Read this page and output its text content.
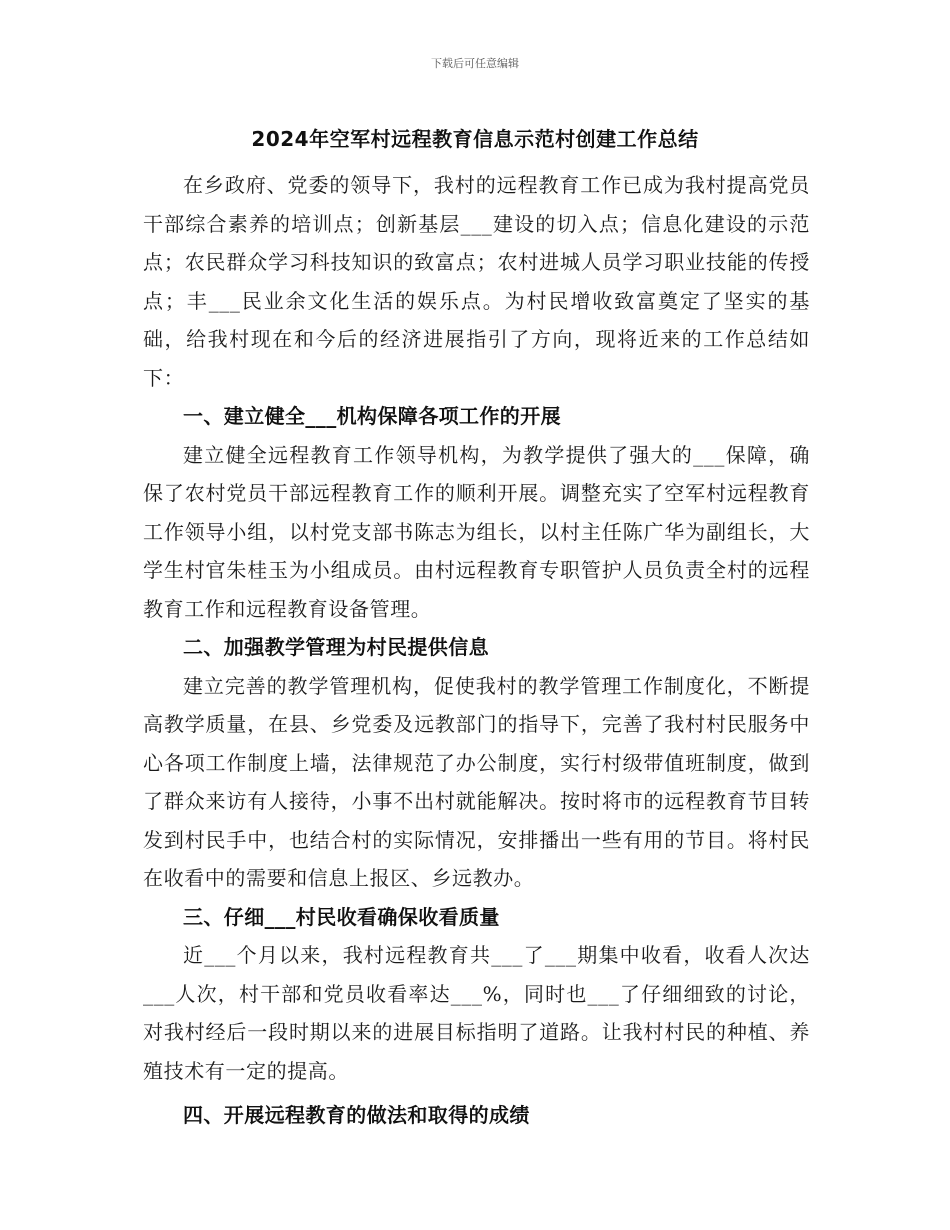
下载后可任意编辑
2024年空军村远程教育信息示范村创建工作总结

在乡政府、党委的领导下，我村的远程教育工作已成为我村提高党员干部综合素养的培训点；创新基层___建设的切入点；信息化建设的示范点；农民群众学习科技知识的致富点；农村进城人员学习职业技能的传授点；丰___民业余文化生活的娱乐点。为村民增收致富奠定了坚实的基础，给我村现在和今后的经济进展指引了方向，现将近来的工作总结如下：

一、建立健全___机构保障各项工作的开展

建立健全远程教育工作领导机构，为教学提供了强大的___保障，确保了农村党员干部远程教育工作的顺利开展。调整充实了空军村远程教育工作领导小组，以村党支部书陈志为组长，以村主任陈广华为副组长，大学生村官朱桂玉为小组成员。由村远程教育专职管护人员负责全村的远程教育工作和远程教育设备管理。

二、加强教学管理为村民提供信息

建立完善的教学管理机构，促使我村的教学管理工作制度化，不断提高教学质量，在县、乡党委及远教部门的指导下，完善了我村村民服务中心各项工作制度上墙，法律规范了办公制度，实行村级带值班制度，做到了群众来访有人接待，小事不出村就能解决。按时将市的远程教育节目转发到村民手中，也结合村的实际情况，安排播出一些有用的节目。将村民在收看中的需要和信息上报区、乡远教办。

三、仔细___村民收看确保收看质量

近___个月以来，我村远程教育共___了___期集中收看，收看人次达___人次，村干部和党员收看率达___%，同时也___了仔细细致的讨论，对我村经后一段时期以来的进展目标指明了道路。让我村村民的种植、养殖技术有一定的提高。

四、开展远程教育的做法和取得的成绩
